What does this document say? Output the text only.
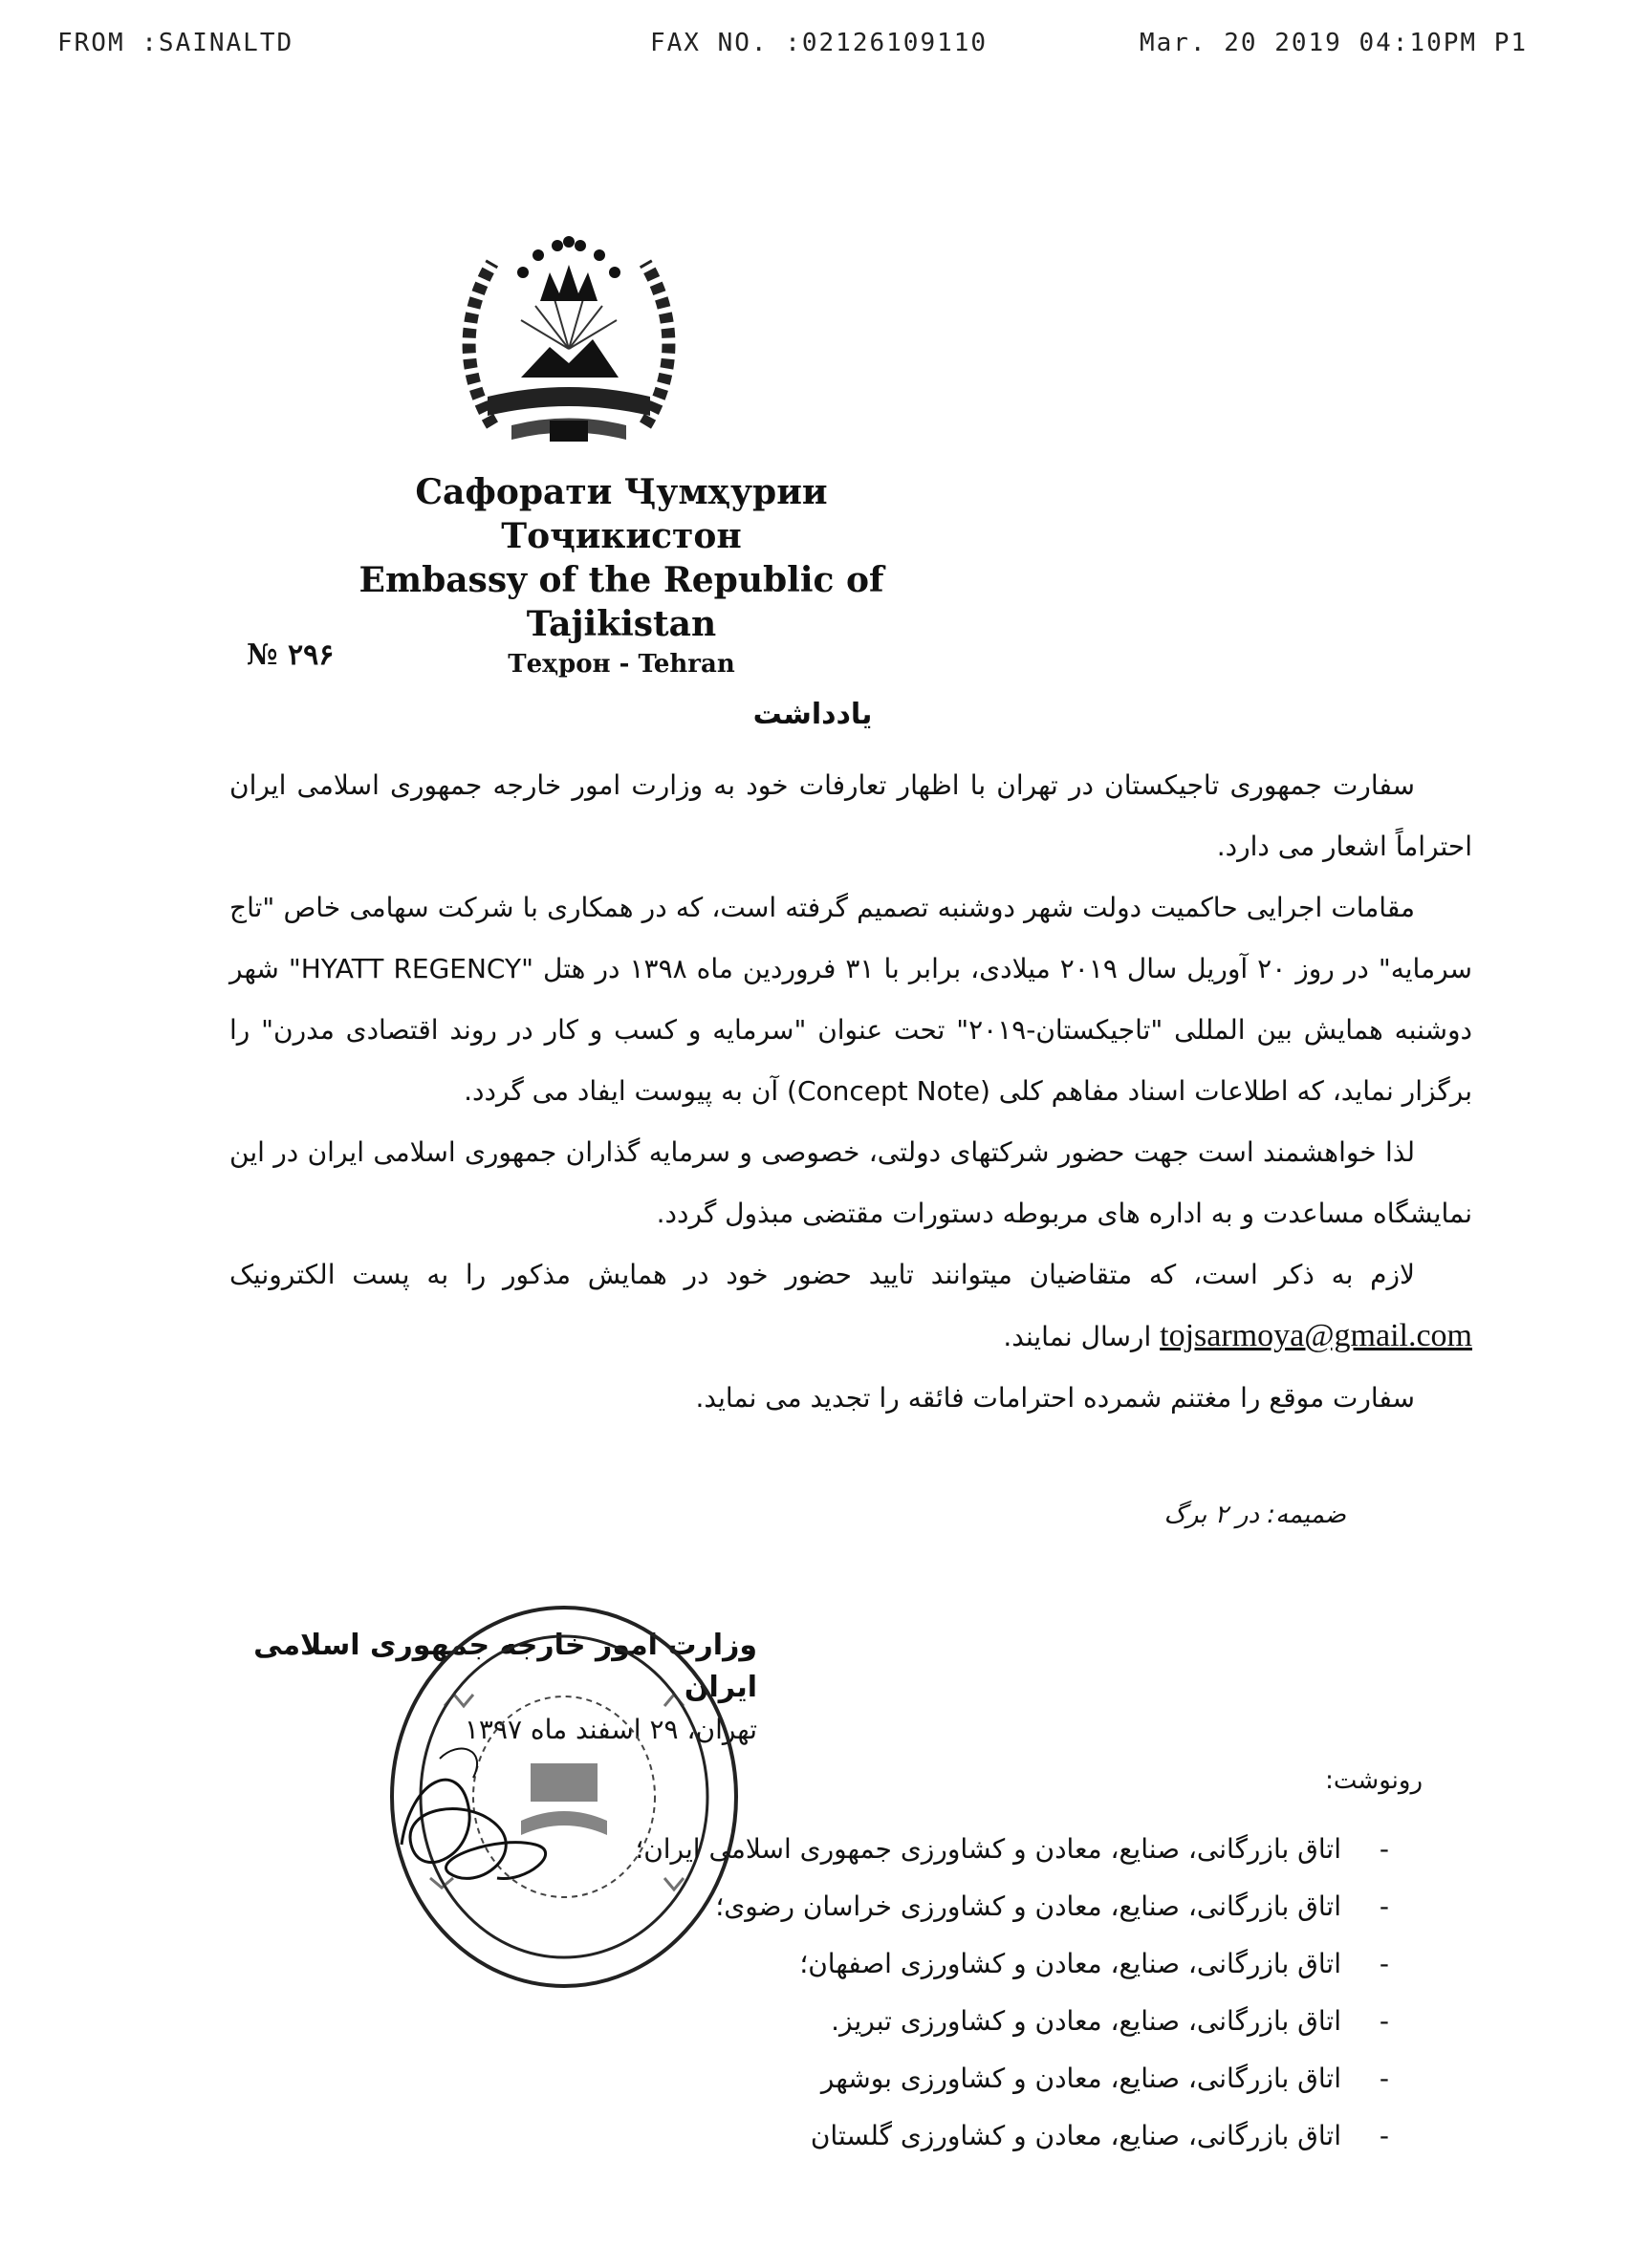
FROM :SAINALTD	FAX NO. :02126109110	Mar. 20 2019 04:10PM P1
Сафорати Ҷумҳурии Тоҷикистон
Embassy of the Republic of Tajikistan
Теҳрон - Tehran
№ ۲۹۶
یادداشت

سفارت جمهوری تاجیکستان در تهران با اظهار تعارفات خود به وزارت امور خارجه جمهوری اسلامی ایران احتراماً اشعار می دارد.

مقامات اجرایی حاکمیت دولت شهر دوشنبه تصمیم گرفته است، که در همکاری با شرکت سهامی خاص "تاج سرمایه" در روز ۲۰ آوریل سال ۲۰۱۹ میلادی، برابر با ۳۱ فروردین ماه ۱۳۹۸ در هتل "HYATT REGENCY" شهر دوشنبه همایش بین المللی "تاجیکستان-۲۰۱۹" تحت عنوان "سرمایه و کسب و کار در روند اقتصادی مدرن" را برگزار نماید، که اطلاعات اسناد مفاهم کلی (Concept Note) آن به پیوست ایفاد می گردد.

لذا خواهشمند است جهت حضور شرکتهای دولتی، خصوصی و سرمایه گذاران جمهوری اسلامی ایران در این نمایشگاه مساعدت و به اداره های مربوطه دستورات مقتضی مبذول گردد.

لازم به ذکر است، که متقاضیان میتوانند تایید حضور خود در همایش مذکور را به پست الکترونیک tojsarmoya@gmail.com ارسال نمایند.

سفارت موقع را مغتنم شمرده احترامات فائقه را تجدید می نماید.

ضمیمه: در ۲ برگ
وزارت امور خارجه جمهوری اسلامی ایران
تهران، ۲۹ اسفند ماه ۱۳۹۷
رونوشت:
- اتاق بازرگانی، صنایع، معادن و کشاورزی جمهوری اسلامی ایران؛
- اتاق بازرگانی، صنایع، معادن و کشاورزی خراسان رضوی؛
- اتاق بازرگانی، صنایع، معادن و کشاورزی اصفهان؛
- اتاق بازرگانی، صنایع، معادن و کشاورزی تبریز.
- اتاق بازرگانی، صنایع، معادن و کشاورزی بوشهر
- اتاق بازرگانی، صنایع، معادن و کشاورزی گلستان
